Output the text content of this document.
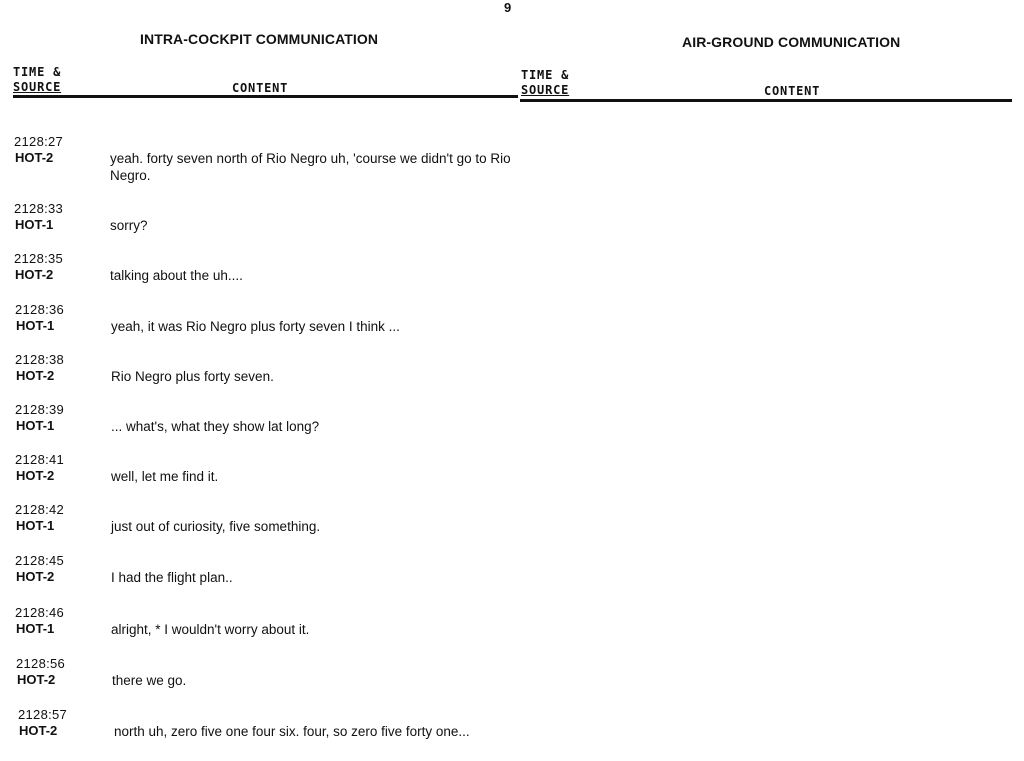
9
INTRA-COCKPIT COMMUNICATION	AIR-GROUND COMMUNICATION
TIME &
SOURCE	CONTENT
TIME &
SOURCE	CONTENT
2128:27
HOT-2	yeah. forty seven north of Rio Negro uh, 'course we didn't go to Rio Negro.
2128:33
HOT-1	sorry?
2128:35
HOT-2	talking about the uh....
2128:36
HOT-1	yeah, it was Rio Negro plus forty seven I think ...
2128:38
HOT-2	Rio Negro plus forty seven.
2128:39
HOT-1	... what's, what they show lat long?
2128:41
HOT-2	well, let me find it.
2128:42
HOT-1	just out of curiosity, five something.
2128:45
HOT-2	I had the flight plan..
2128:46
HOT-1	alright, * I wouldn't worry about it.
2128:56
HOT-2	there we go.
2128:57
HOT-2	north uh, zero five one four six. four, so zero five forty one...
